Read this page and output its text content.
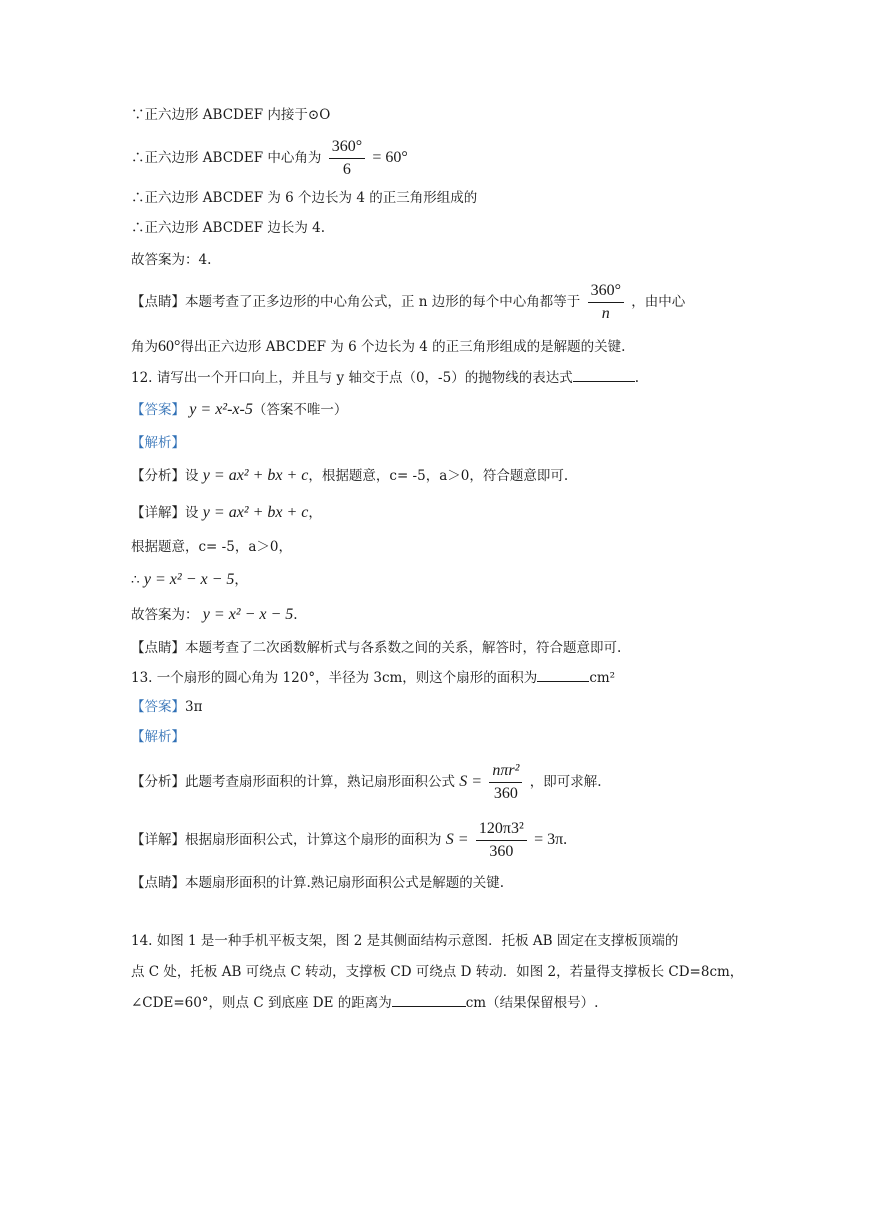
∵正六边形 ABCDEF 内接于⊙O
∴正六边形 ABCDEF 中心角为 $\frac{360^\circ}{6} = 60^\circ$
∴正六边形 ABCDEF 为 6 个边长为 4 的正三角形组成的
∴正六边形 ABCDEF 边长为 4.
故答案为：4.
【点睛】本题考查了正多边形的中心角公式，正 n 边形的每个中心角都等于 $\frac{360^\circ}{n}$ ，由中心
角为60°得出正六边形 ABCDEF 为 6 个边长为 4 的正三角形组成的是解题的关键.
12. 请写出一个开口向上，并且与 y 轴交于点（0，-5）的抛物线的表达式	.
【答案】 y = x²-x-5（答案不唯一）
【解析】
【分析】设 y = ax² + bx + c，根据题意，c= -5，a＞0，符合题意即可.
【详解】设 y = ax² + bx + c，
根据题意，c= -5，a＞0，
∴ y = x² − x − 5，
故答案为： y = x² − x − 5.
【点睛】本题考查了二次函数解析式与各系数之间的关系，解答时，符合题意即可.
13. 一个扇形的圆心角为 120°，半径为 3cm，则这个扇形的面积为	cm²
【答案】3π
【解析】
【分析】此题考查扇形面积的计算，熟记扇形面积公式 $S = \frac{\text{nπr²}}{360}$ ，即可求解.
【详解】根据扇形面积公式，计算这个扇形的面积为 $S = \frac{\text{120π3²}}{360} = 3\pi$.
【点睛】本题扇形面积的计算.熟记扇形面积公式是解题的关键.
14. 如图 1 是一种手机平板支架，图 2 是其侧面结构示意图．托板 AB 固定在支撑板顶端的
点 C 处，托板 AB 可绕点 C 转动，支撑板 CD 可绕点 D 转动．如图 2，若量得支撑板长 CD=8cm，
∠CDE=60°，则点 C 到底座 DE 的距离为	cm（结果保留根号）.
